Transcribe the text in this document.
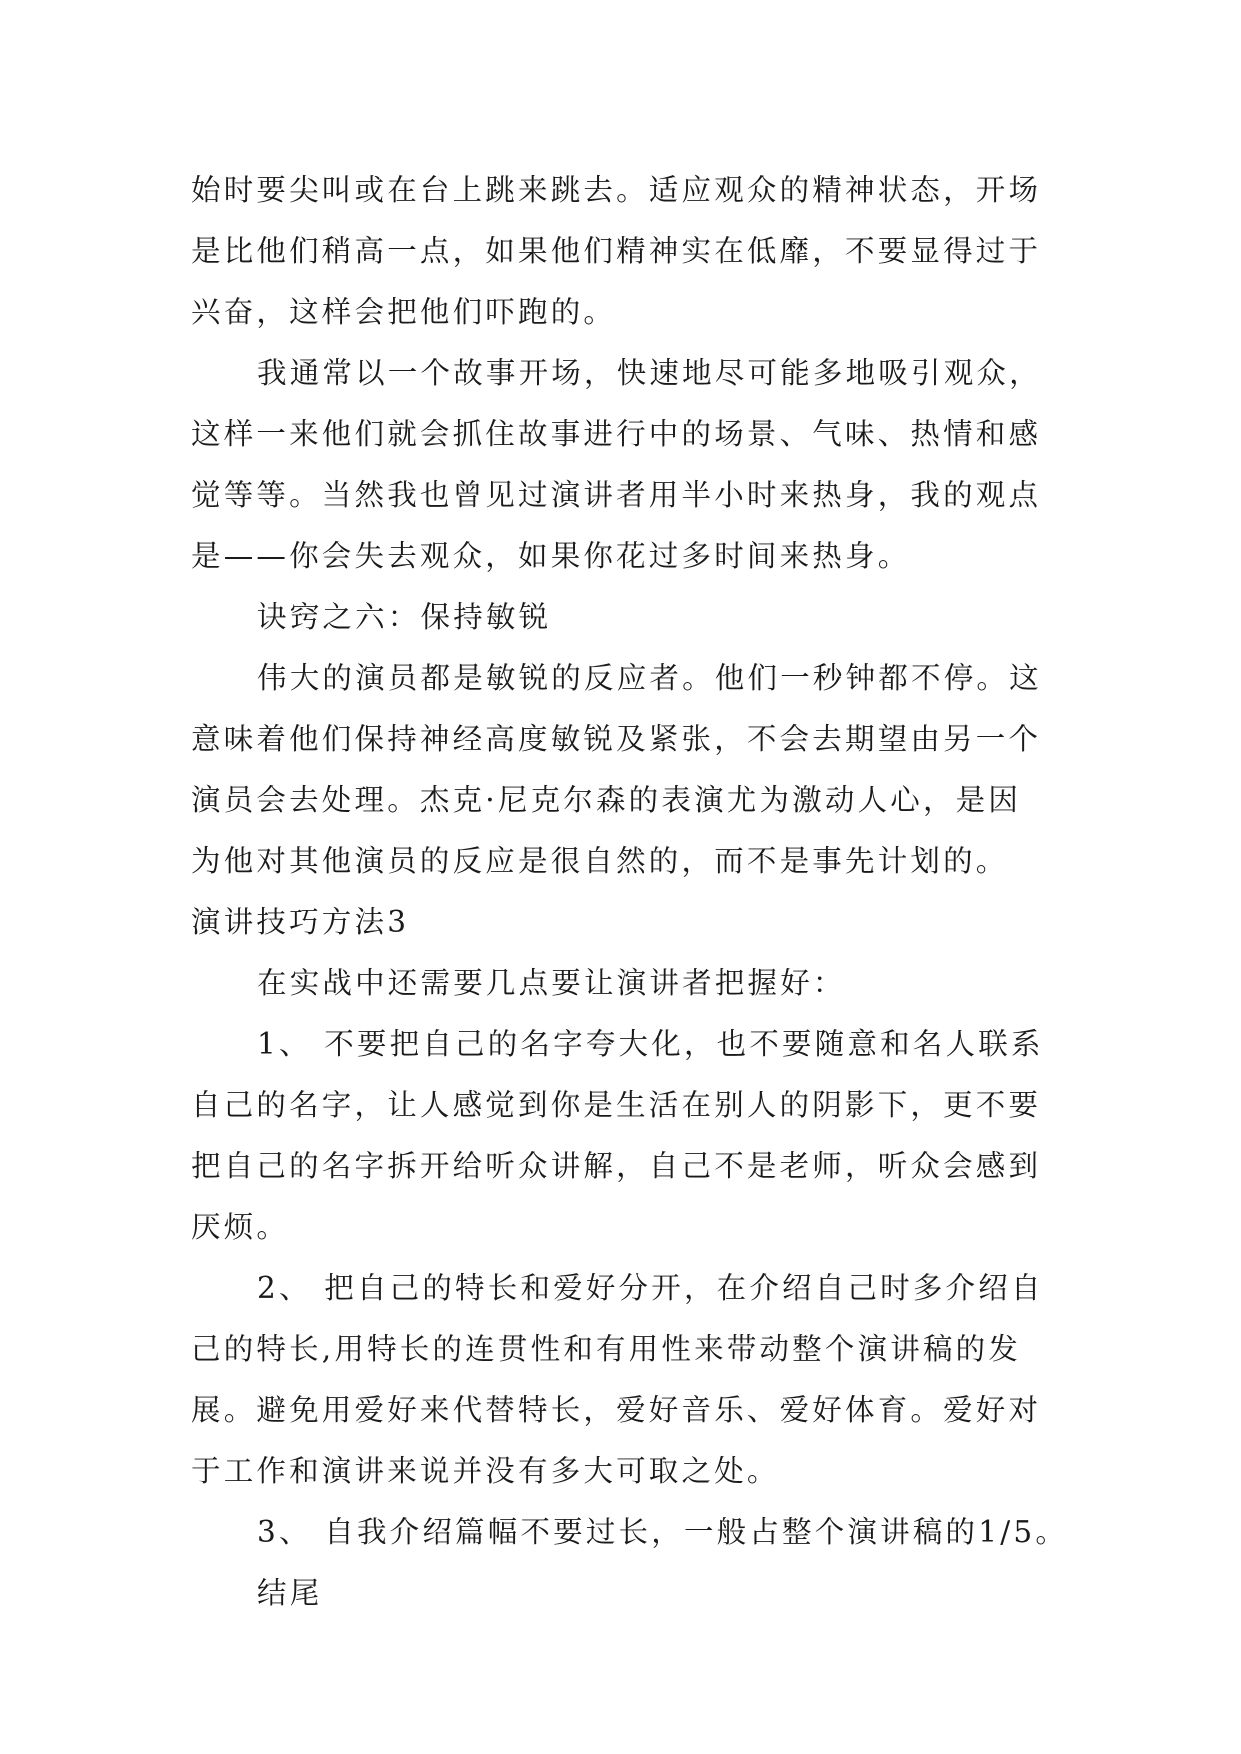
始时要尖叫或在台上跳来跳去。适应观众的精神状态，开场
是比他们稍高一点，如果他们精神实在低靡，不要显得过于
兴奋，这样会把他们吓跑的。
我通常以一个故事开场，快速地尽可能多地吸引观众，
这样一来他们就会抓住故事进行中的场景、气味、热情和感
觉等等。当然我也曾见过演讲者用半小时来热身，我的观点
是——你会失去观众，如果你花过多时间来热身。
诀窍之六：保持敏锐
伟大的演员都是敏锐的反应者。他们一秒钟都不停。这
意味着他们保持神经高度敏锐及紧张，不会去期望由另一个
演员会去处理。杰克·尼克尔森的表演尤为激动人心，是因
为他对其他演员的反应是很自然的，而不是事先计划的。
演讲技巧方法3
在实战中还需要几点要让演讲者把握好：
1、 不要把自己的名字夸大化，也不要随意和名人联系
自己的名字，让人感觉到你是生活在别人的阴影下，更不要
把自己的名字拆开给听众讲解，自己不是老师，听众会感到
厌烦。
2、 把自己的特长和爱好分开，在介绍自己时多介绍自
己的特长,用特长的连贯性和有用性来带动整个演讲稿的发
展。避免用爱好来代替特长，爱好音乐、爱好体育。爱好对
于工作和演讲来说并没有多大可取之处。
3、 自我介绍篇幅不要过长，一般占整个演讲稿的1/5。
结尾
